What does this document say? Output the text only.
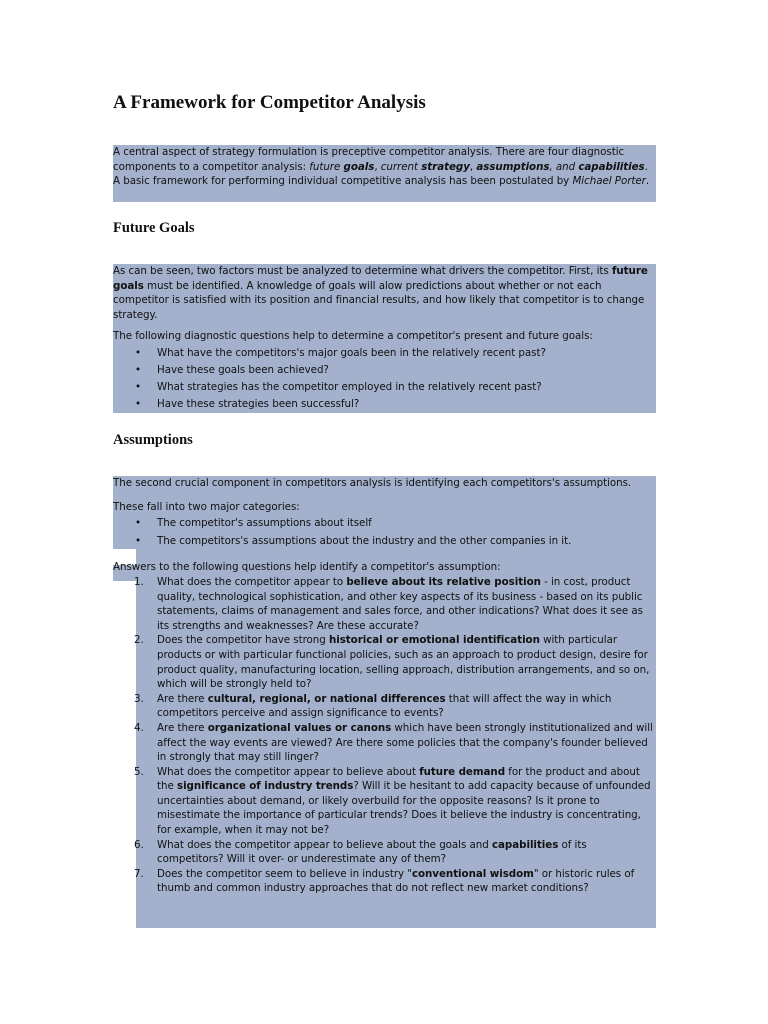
A Framework for Competitor Analysis

A central aspect of strategy formulation is preceptive competitor analysis. There are four diagnostic components to a competitor analysis: future goals, current strategy, assumptions, and capabilities. A basic framework for performing individual competitive analysis has been postulated by Michael Porter.

Future Goals

As can be seen, two factors must be analyzed to determine what drivers the competitor. First, its future goals must be identified. A knowledge of goals will alow predictions about whether or not each competitor is satisfied with its position and financial results, and how likely that competitor is to change strategy.

The following diagnostic questions help to determine a competitor's present and future goals:

• What have the competitors's major goals been in the relatively recent past?
• Have these goals been achieved?
• What strategies has the competitor employed in the relatively recent past?
• Have these strategies been successful?
Assumptions

The second crucial component in competitors analysis is identifying each competitors's assumptions.

These fall into two major categories:

• The competitor's assumptions about itself
• The competitors's assumptions about the industry and the other companies in it.

Answers to the following questions help identify a competitor's assumption:

1. What does the competitor appear to believe about its relative position - in cost, product quality, technological sophistication, and other key aspects of its business - based on its public statements, claims of management and sales force, and other indications? What does it see as its strengths and weaknesses? Are these accurate?
2. Does the competitor have strong historical or emotional identification with particular products or with particular functional policies, such as an approach to product design, desire for product quality, manufacturing location, selling approach, distribution arrangements, and so on, which will be strongly held to?
3. Are there cultural, regional, or national differences that will affect the way in which competitors perceive and assign significance to events?
4. Are there organizational values or canons which have been strongly institutionalized and will affect the way events are viewed? Are there some policies that the company's founder believed in strongly that may still linger?
5. What does the competitor appear to believe about future demand for the product and about the significance of industry trends? Will it be hesitant to add capacity because of unfounded uncertainties about demand, or likely overbuild for the opposite reasons? Is it prone to misestimate the importance of particular trends? Does it believe the industry is concentrating, for example, when it may not be?
6. What does the competitor appear to believe about the goals and capabilities of its competitors? Will it over- or underestimate any of them?
7. Does the competitor seem to believe in industry "conventional wisdom" or historic rules of thumb and common industry approaches that do not reflect new market conditions?
